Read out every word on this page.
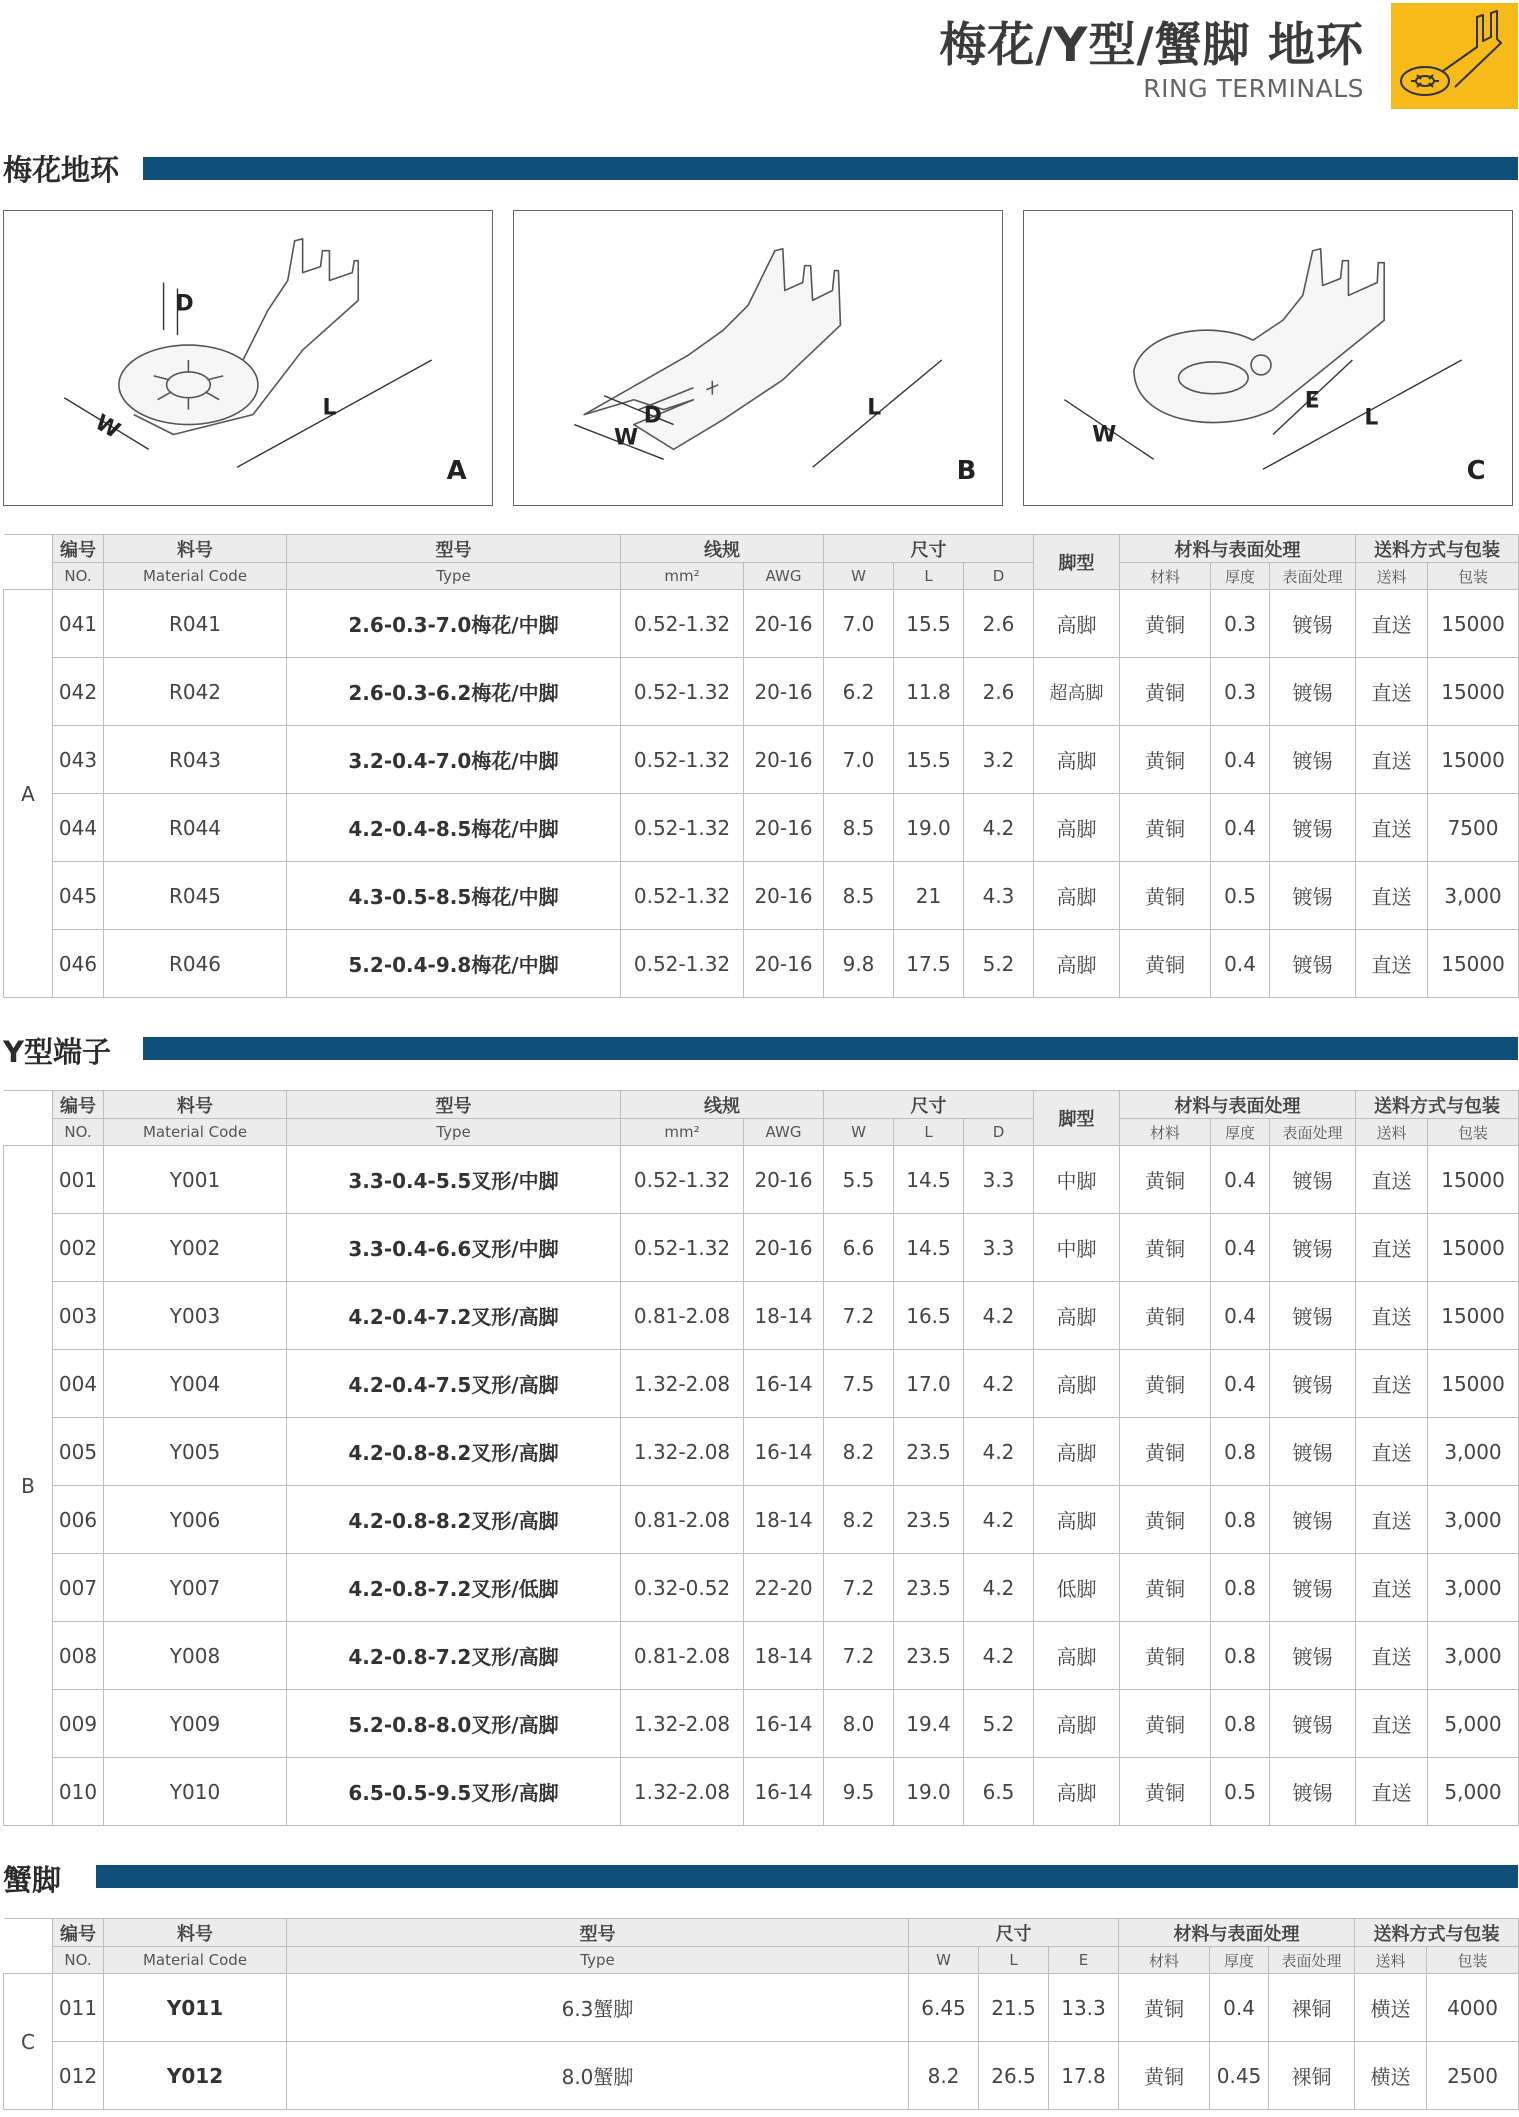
梅花/Y型/蟹脚 地环
RING TERMINALS
梅花地环
D
W
L
A
D
W
L
B
W
E
L
C
	编号	料号	型号	线规		尺寸			脚型	材料与表面处理			送料方式与包装	
	NO.	Material Code	Type	mm²	AWG	W	L	D		材料	厚度	表面处理	送料	包装
A	041	R041	2.6-0.3-7.0梅花/中脚	0.52-1.32	20-16	7.0	15.5	2.6	高脚	黄铜	0.3	镀锡	直送	15000
	042	R042	2.6-0.3-6.2梅花/中脚	0.52-1.32	20-16	6.2	11.8	2.6	超高脚	黄铜	0.3	镀锡	直送	15000
	043	R043	3.2-0.4-7.0梅花/中脚	0.52-1.32	20-16	7.0	15.5	3.2	高脚	黄铜	0.4	镀锡	直送	15000
	044	R044	4.2-0.4-8.5梅花/中脚	0.52-1.32	20-16	8.5	19.0	4.2	高脚	黄铜	0.4	镀锡	直送	7500
	045	R045	4.3-0.5-8.5梅花/中脚	0.52-1.32	20-16	8.5	21	4.3	高脚	黄铜	0.5	镀锡	直送	3,000
	046	R046	5.2-0.4-9.8梅花/中脚	0.52-1.32	20-16	9.8	17.5	5.2	高脚	黄铜	0.4	镀锡	直送	15000
Y型端子
	编号	料号	型号	线规		尺寸			脚型	材料与表面处理			送料方式与包装	
	NO.	Material Code	Type	mm²	AWG	W	L	D		材料	厚度	表面处理	送料	包装
B	001	Y001	3.3-0.4-5.5叉形/中脚	0.52-1.32	20-16	5.5	14.5	3.3	中脚	黄铜	0.4	镀锡	直送	15000
	002	Y002	3.3-0.4-6.6叉形/中脚	0.52-1.32	20-16	6.6	14.5	3.3	中脚	黄铜	0.4	镀锡	直送	15000
	003	Y003	4.2-0.4-7.2叉形/高脚	0.81-2.08	18-14	7.2	16.5	4.2	高脚	黄铜	0.4	镀锡	直送	15000
	004	Y004	4.2-0.4-7.5叉形/高脚	1.32-2.08	16-14	7.5	17.0	4.2	高脚	黄铜	0.4	镀锡	直送	15000
	005	Y005	4.2-0.8-8.2叉形/高脚	1.32-2.08	16-14	8.2	23.5	4.2	高脚	黄铜	0.8	镀锡	直送	3,000
	006	Y006	4.2-0.8-8.2叉形/高脚	0.81-2.08	18-14	8.2	23.5	4.2	高脚	黄铜	0.8	镀锡	直送	3,000
	007	Y007	4.2-0.8-7.2叉形/低脚	0.32-0.52	22-20	7.2	23.5	4.2	低脚	黄铜	0.8	镀锡	直送	3,000
	008	Y008	4.2-0.8-7.2叉形/高脚	0.81-2.08	18-14	7.2	23.5	4.2	高脚	黄铜	0.8	镀锡	直送	3,000
	009	Y009	5.2-0.8-8.0叉形/高脚	1.32-2.08	16-14	8.0	19.4	5.2	高脚	黄铜	0.8	镀锡	直送	5,000
	010	Y010	6.5-0.5-9.5叉形/高脚	1.32-2.08	16-14	9.5	19.0	6.5	高脚	黄铜	0.5	镀锡	直送	5,000
蟹脚
	编号	料号	型号	尺寸			材料与表面处理			送料方式与包装	
	NO.	Material Code	Type	W	L	E	材料	厚度	表面处理	送料	包装
C	011	Y011	6.3蟹脚	6.45	21.5	13.3	黄铜	0.4	裸铜	横送	4000
	012	Y012	8.0蟹脚	8.2	26.5	17.8	黄铜	0.45	裸铜	横送	2500
